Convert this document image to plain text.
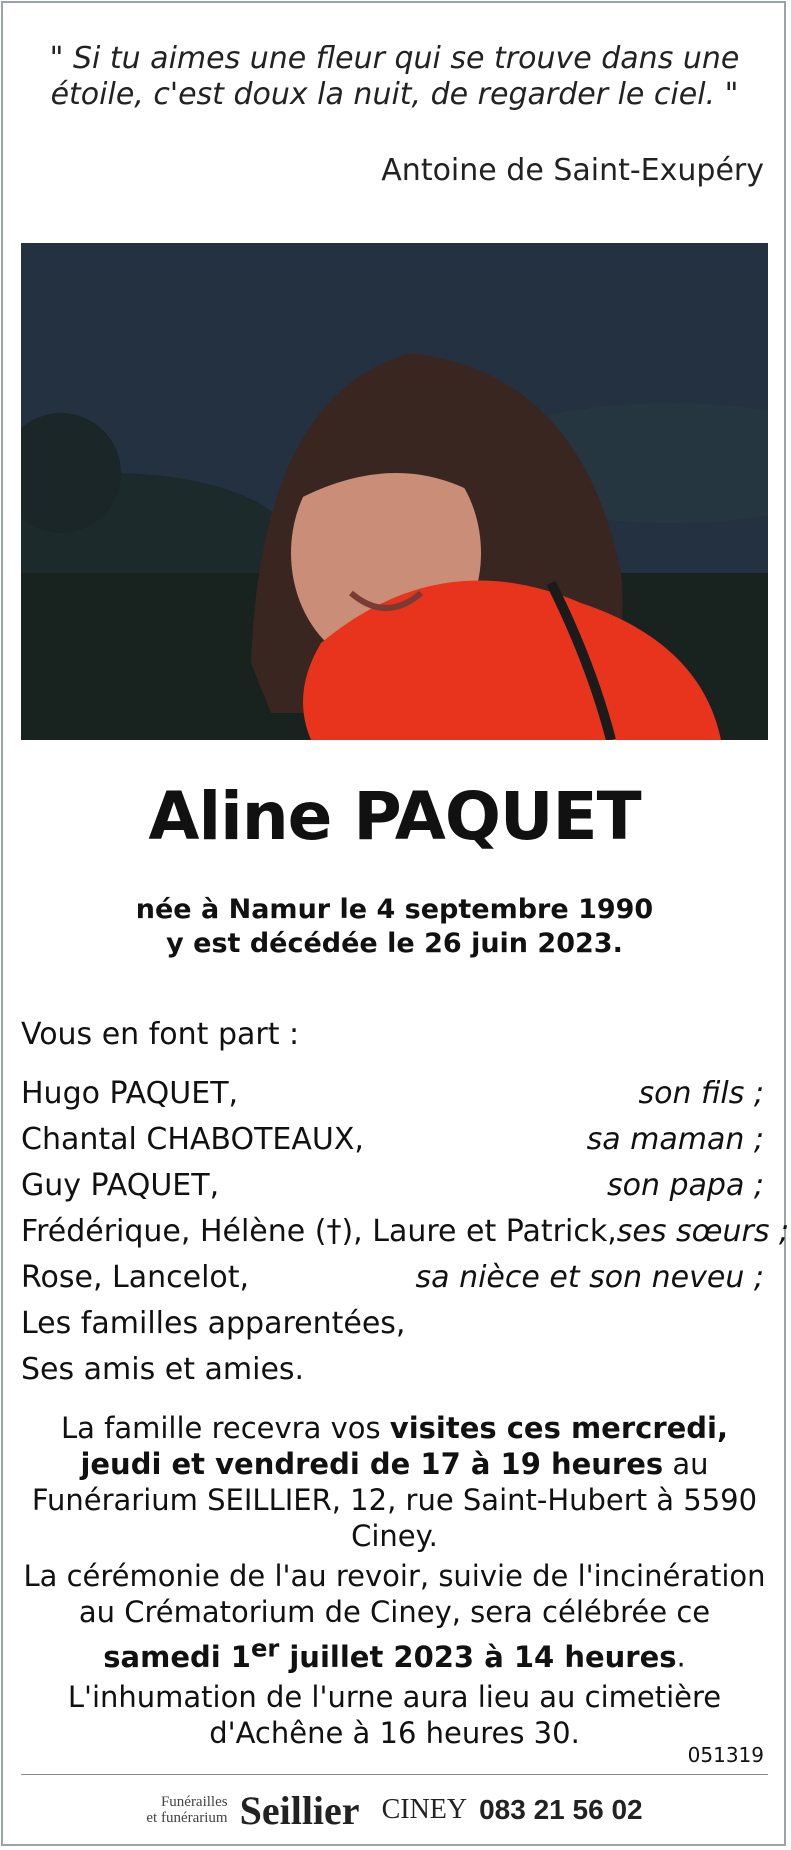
" Si tu aimes une fleur qui se trouve dans une
étoile, c'est doux la nuit, de regarder le ciel. "
Antoine de Saint-Exupéry
Aline PAQUET
née à Namur le 4 septembre 1990
y est décédée le 26 juin 2023.
Vous en font part :
Hugo PAQUET,	son fils ;
Chantal CHABOTEAUX,	sa maman ;
Guy PAQUET,	son papa ;
Frédérique, Hélène (†), Laure et Patrick, ses sœurs ;
Rose, Lancelot,	sa nièce et son neveu ;
Les familles apparentées,
Ses amis et amies.

La famille recevra vos visites ces mercredi, jeudi et vendredi de 17 à 19 heures au Funérarium SEILLIER, 12, rue Saint-Hubert à 5590 Ciney.

La cérémonie de l'au revoir, suivie de l'incinération au Crématorium de Ciney, sera célébrée ce samedi 1er juillet 2023 à 14 heures.

L'inhumation de l'urne aura lieu au cimetière d'Achêne à 16 heures 30.

051319
Funérailles
et funérarium Seillier CINEY 083 21 56 02
